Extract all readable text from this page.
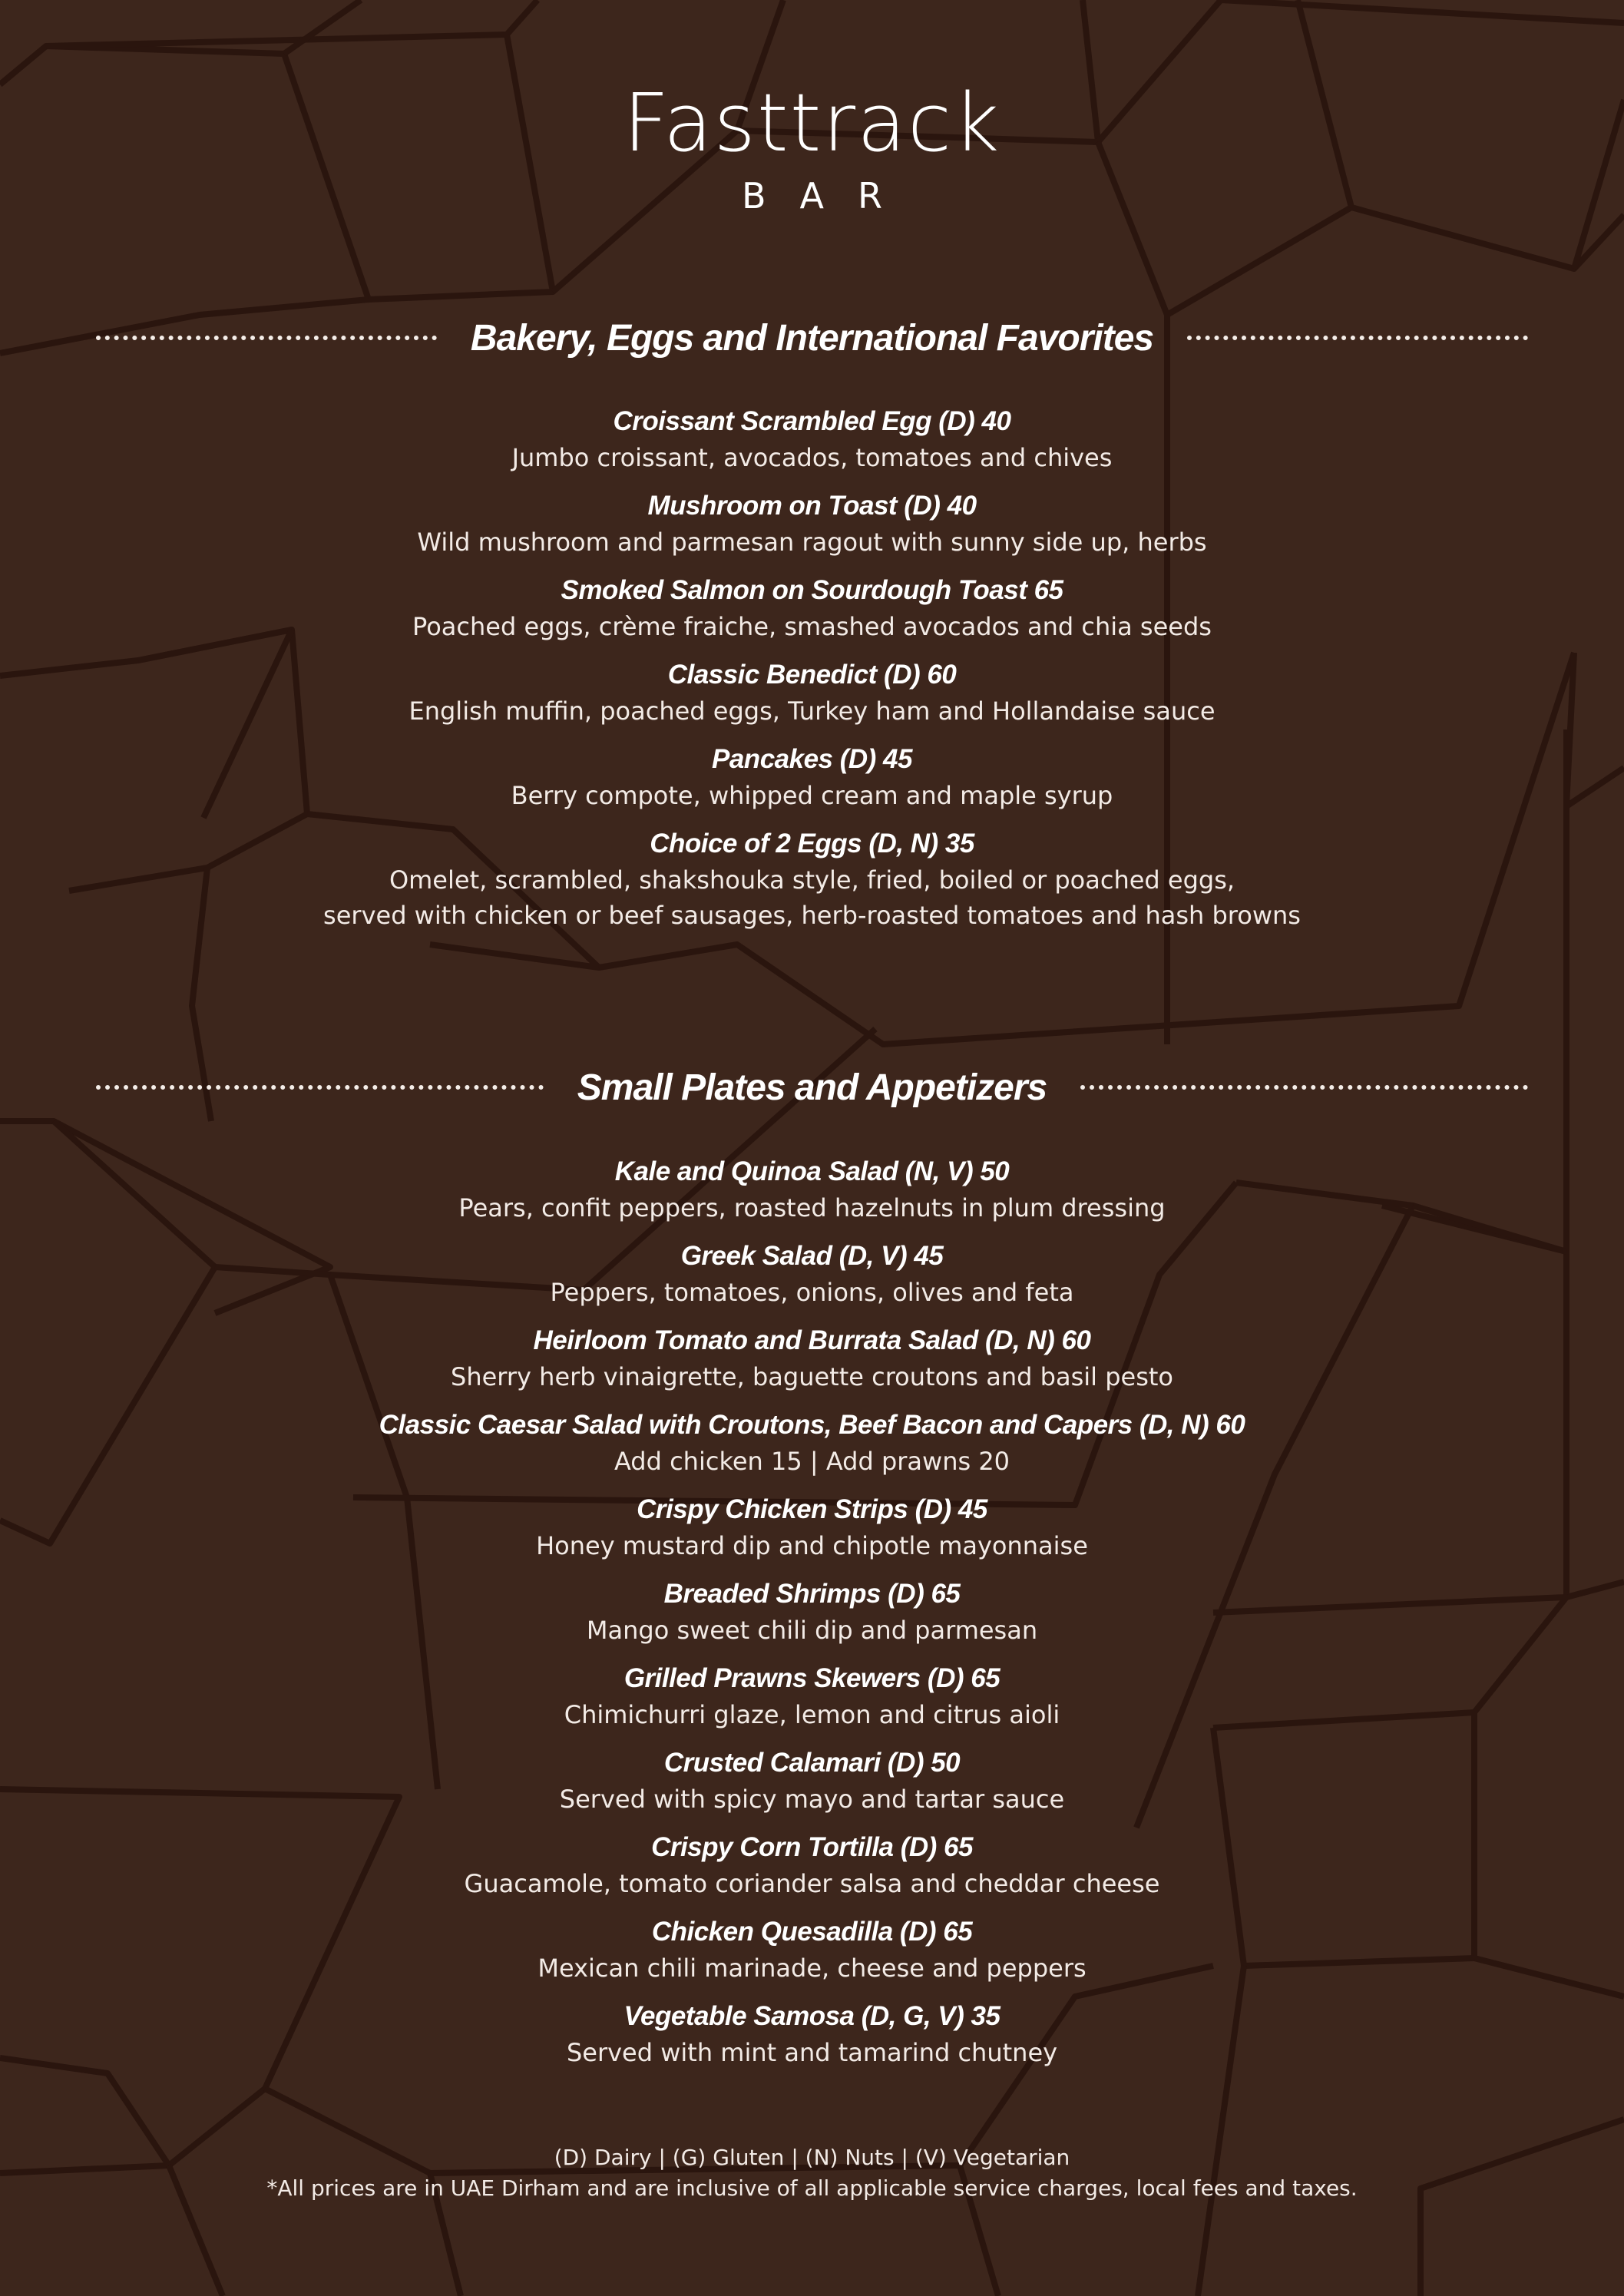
Fasttrack
BAR
Bakery, Eggs and International Favorites
Croissant Scrambled Egg (D) 40
Jumbo croissant, avocados, tomatoes and chives
Mushroom on Toast (D) 40
Wild mushroom and parmesan ragout with sunny side up, herbs
Smoked Salmon on Sourdough Toast 65
Poached eggs, crème fraiche, smashed avocados and chia seeds
Classic Benedict (D) 60
English muffin, poached eggs, Turkey ham and Hollandaise sauce
Pancakes (D) 45
Berry compote, whipped cream and maple syrup
Choice of 2 Eggs (D, N) 35
Omelet, scrambled, shakshouka style, fried, boiled or poached eggs,
served with chicken or beef sausages, herb-roasted tomatoes and hash browns
Small Plates and Appetizers
Kale and Quinoa Salad (N, V) 50
Pears, confit peppers, roasted hazelnuts in plum dressing
Greek Salad (D, V) 45
Peppers, tomatoes, onions, olives and feta
Heirloom Tomato and Burrata Salad (D, N) 60
Sherry herb vinaigrette, baguette croutons and basil pesto
Classic Caesar Salad with Croutons, Beef Bacon and Capers (D, N) 60
Add chicken 15 | Add prawns 20
Crispy Chicken Strips (D) 45
Honey mustard dip and chipotle mayonnaise
Breaded Shrimps (D) 65
Mango sweet chili dip and parmesan
Grilled Prawns Skewers (D) 65
Chimichurri glaze, lemon and citrus aioli
Crusted Calamari (D) 50
Served with spicy mayo and tartar sauce
Crispy Corn Tortilla (D) 65
Guacamole, tomato coriander salsa and cheddar cheese
Chicken Quesadilla (D) 65
Mexican chili marinade, cheese and peppers
Vegetable Samosa (D, G, V) 35
Served with mint and tamarind chutney
(D) Dairy | (G) Gluten | (N) Nuts | (V) Vegetarian
*All prices are in UAE Dirham and are inclusive of all applicable service charges, local fees and taxes.
